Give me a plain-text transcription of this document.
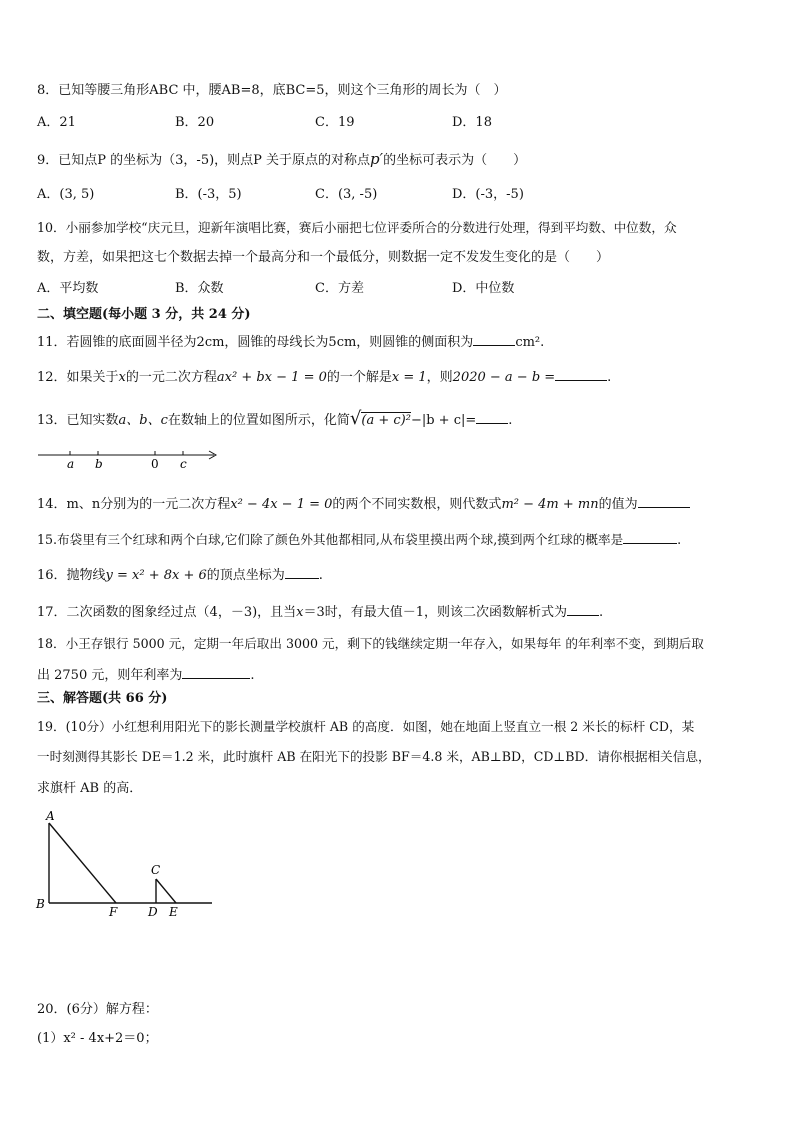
8．已知等腰三角形ABC 中，腰AB=8，底BC=5，则这个三角形的周长为（　）
A．21	B．20	C．19	D．18
9．已知点P 的坐标为（3，-5)，则点P 关于原点的对称点p′的坐标可表示为（　　）
A．(3, 5)	B．(-3，5)	C．(3, -5)	D．(-3，-5)
10．小丽参加学校“庆元旦，迎新年演唱比赛，赛后小丽把七位评委所合的分数进行处理，得到平均数、中位数，众
数，方差，如果把这七个数据去掉一个最高分和一个最低分，则数据一定不发发生变化的是（　　）
A．平均数	B．众数	C．方差	D．中位数
二、填空题(每小题 3 分，共 24 分)
11．若圆锥的底面圆半径为2cm，圆锥的母线长为5cm，则圆锥的侧面积为	cm².
12．如果关于x的一元二次方程ax² + bx − 1 = 0的一个解是x = 1，则2020 − a − b =	.
13．已知实数a、b、c在数轴上的位置如图所示，化简√(a + c)²−|b + c|= .
a b	0 c
14．m、n分别为的一元二次方程x² − 4x − 1 = 0的两个不同实数根，则代数式m² − 4m + mn的值为
15.布袋里有三个红球和两个白球,它们除了颜色外其他都相同,从布袋里摸出两个球,摸到两个红球的概率是	.
16．抛物线y = x² + 8x + 6的顶点坐标为	.
17．二次函数的图象经过点（4，－3)，且当x＝3时，有最大值－1，则该二次函数解析式为 .
18．小王存银行 5000 元，定期一年后取出 3000 元，剩下的钱继续定期一年存入，如果每年 的年利率不变，到期后取
出 2750 元，则年利率为	.
三、解答题(共 66 分)
19．(10分）小红想利用阳光下的影长测量学校旗杆 AB 的高度．如图，她在地面上竖直立一根 2 米长的标杆 CD，某
一时刻测得其影长 DE＝1.2 米，此时旗杆 AB 在阳光下的投影 BF＝4.8 米，AB⊥BD，CD⊥BD．请你根据相关信息，
求旗杆 AB 的高．
A
B
F
C
D E
20．(6分）解方程：
(1）x² - 4x+2＝0；
